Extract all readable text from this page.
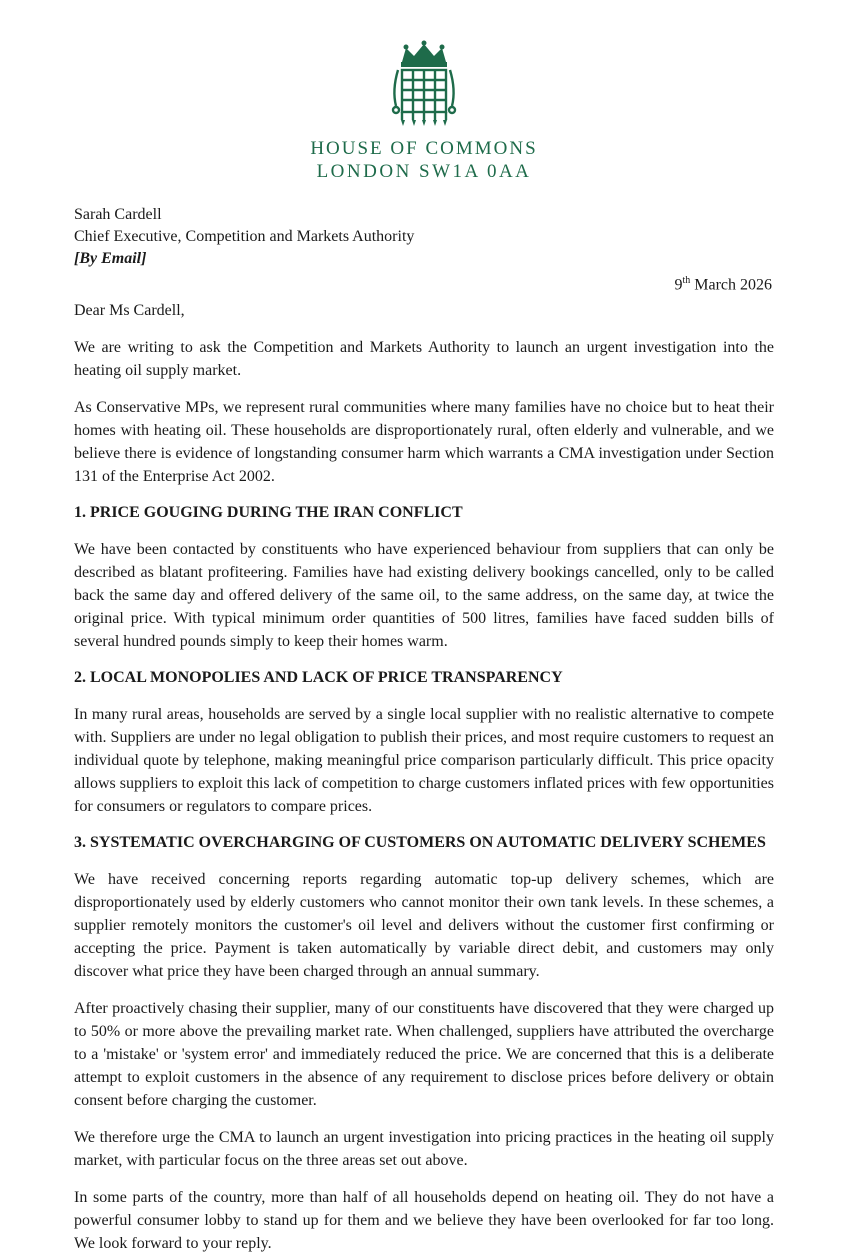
HOUSE OF COMMONS
LONDON SW1A 0AA
Sarah Cardell
Chief Executive, Competition and Markets Authority
[By Email]
9th March 2026
Dear Ms Cardell,

We are writing to ask the Competition and Markets Authority to launch an urgent investigation into the heating oil supply market.

As Conservative MPs, we represent rural communities where many families have no choice but to heat their homes with heating oil. These households are disproportionately rural, often elderly and vulnerable, and we believe there is evidence of longstanding consumer harm which warrants a CMA investigation under Section 131 of the Enterprise Act 2002.

1. PRICE GOUGING DURING THE IRAN CONFLICT

We have been contacted by constituents who have experienced behaviour from suppliers that can only be described as blatant profiteering. Families have had existing delivery bookings cancelled, only to be called back the same day and offered delivery of the same oil, to the same address, on the same day, at twice the original price. With typical minimum order quantities of 500 litres, families have faced sudden bills of several hundred pounds simply to keep their homes warm.

2. LOCAL MONOPOLIES AND LACK OF PRICE TRANSPARENCY

In many rural areas, households are served by a single local supplier with no realistic alternative to compete with. Suppliers are under no legal obligation to publish their prices, and most require customers to request an individual quote by telephone, making meaningful price comparison particularly difficult. This price opacity allows suppliers to exploit this lack of competition to charge customers inflated prices with few opportunities for consumers or regulators to compare prices.

3. SYSTEMATIC OVERCHARGING OF CUSTOMERS ON AUTOMATIC DELIVERY SCHEMES

We have received concerning reports regarding automatic top-up delivery schemes, which are disproportionately used by elderly customers who cannot monitor their own tank levels. In these schemes, a supplier remotely monitors the customer's oil level and delivers without the customer first confirming or accepting the price. Payment is taken automatically by variable direct debit, and customers may only discover what price they have been charged through an annual summary.

After proactively chasing their supplier, many of our constituents have discovered that they were charged up to 50% or more above the prevailing market rate. When challenged, suppliers have attributed the overcharge to a 'mistake' or 'system error' and immediately reduced the price. We are concerned that this is a deliberate attempt to exploit customers in the absence of any requirement to disclose prices before delivery or obtain consent before charging the customer.

We therefore urge the CMA to launch an urgent investigation into pricing practices in the heating oil supply market, with particular focus on the three areas set out above.

In some parts of the country, more than half of all households depend on heating oil. They do not have a powerful consumer lobby to stand up for them and we believe they have been overlooked for far too long. We look forward to your reply.
